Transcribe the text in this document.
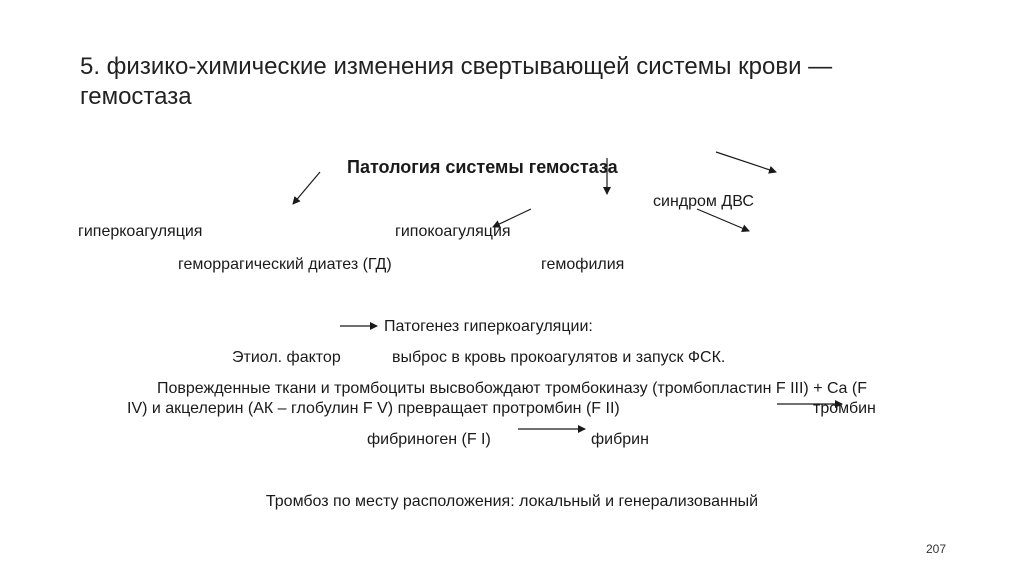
5. физико-химические изменения свертывающей системы крови —
гемостаза
Патология системы гемостаза
синдром ДВС
гиперкоагуляция	гипокоагуляция
геморрагический диатез (ГД)	гемофилия
Патогенез гиперкоагуляции:
Этиол. фактор	выброс в кровь прокоагулятов и запуск ФСК.
Поврежденные ткани и тромбоциты высвобождают тромбокиназу (тромбопластин F III) + Ca (F
IV) и акцелерин (АК – глобулин F V) превращает протромбин (F II)	тромбин
фибриноген (F I)	фибрин
Тромбоз по месту расположения: локальный и генерализованный
207
